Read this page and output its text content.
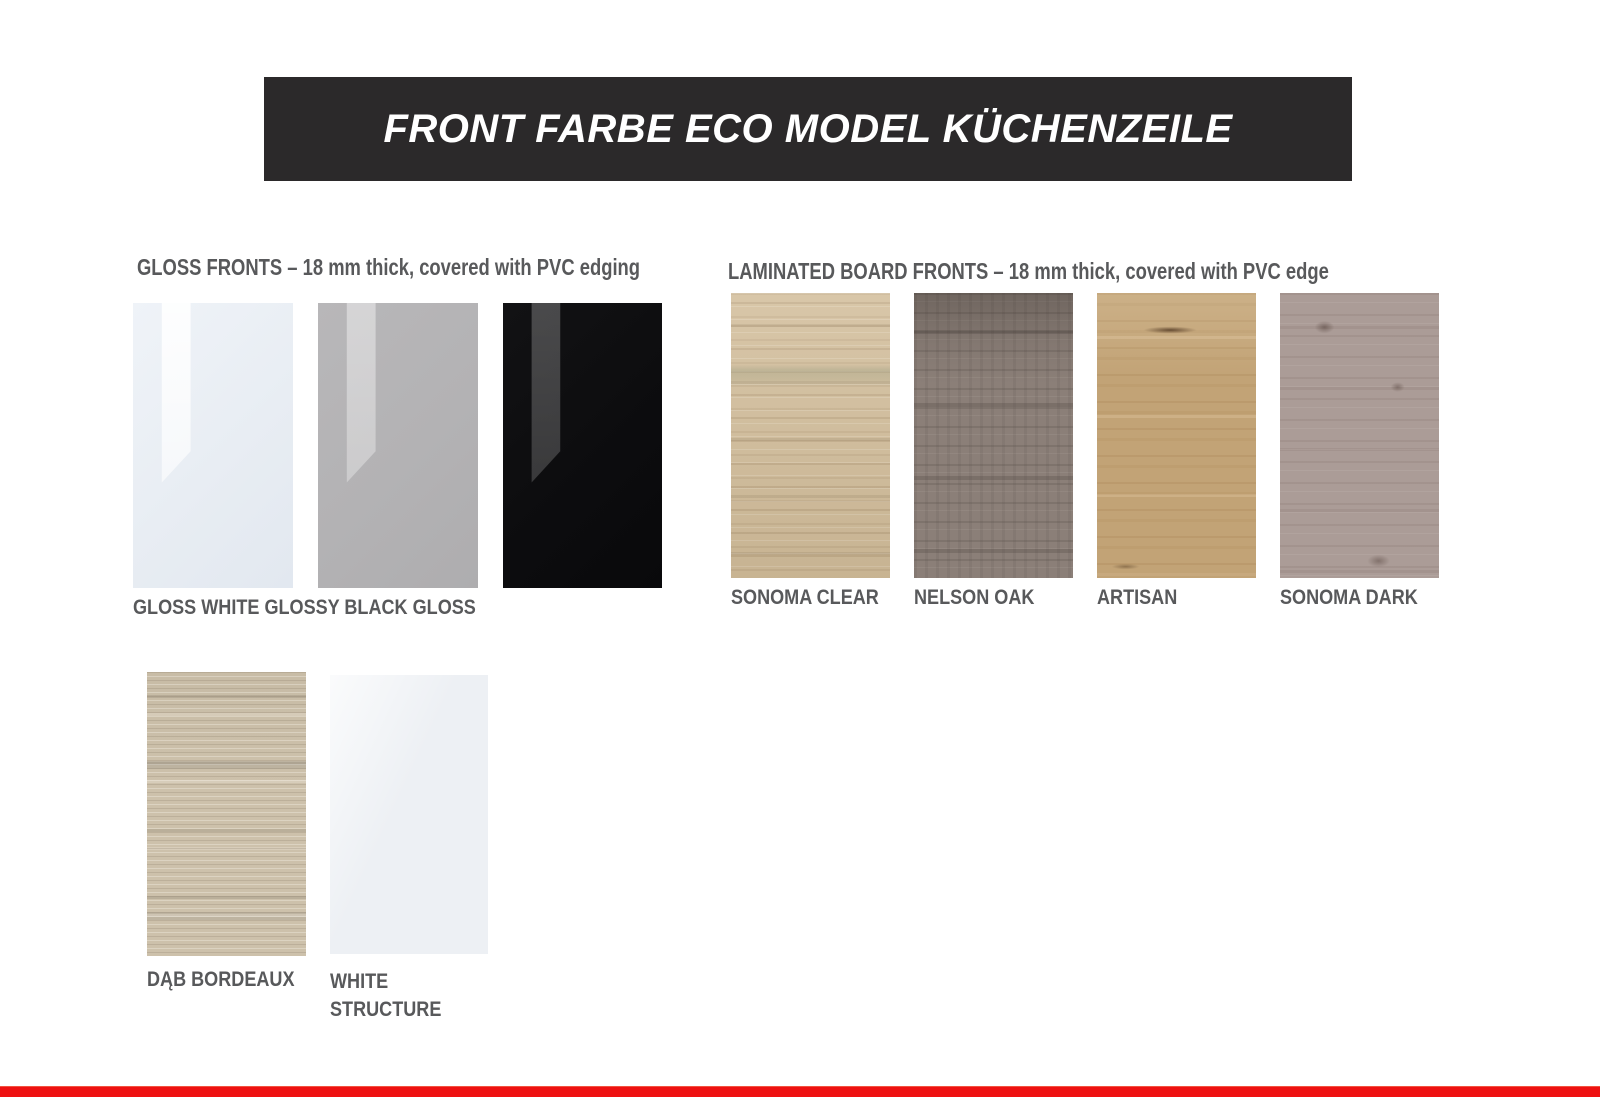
FRONT FARBE ECO MODEL KÜCHENZEILE
GLOSS FRONTS – 18 mm thick, covered with PVC edging
GLOSS WHITE GLOSSY BLACK GLOSS
LAMINATED BOARD FRONTS – 18 mm thick, covered with PVC edge
SONOMA CLEAR NELSON OAK	ARTISAN	SONOMA DARK
DĄB BORDEAUX WHITE STRUCTURE
